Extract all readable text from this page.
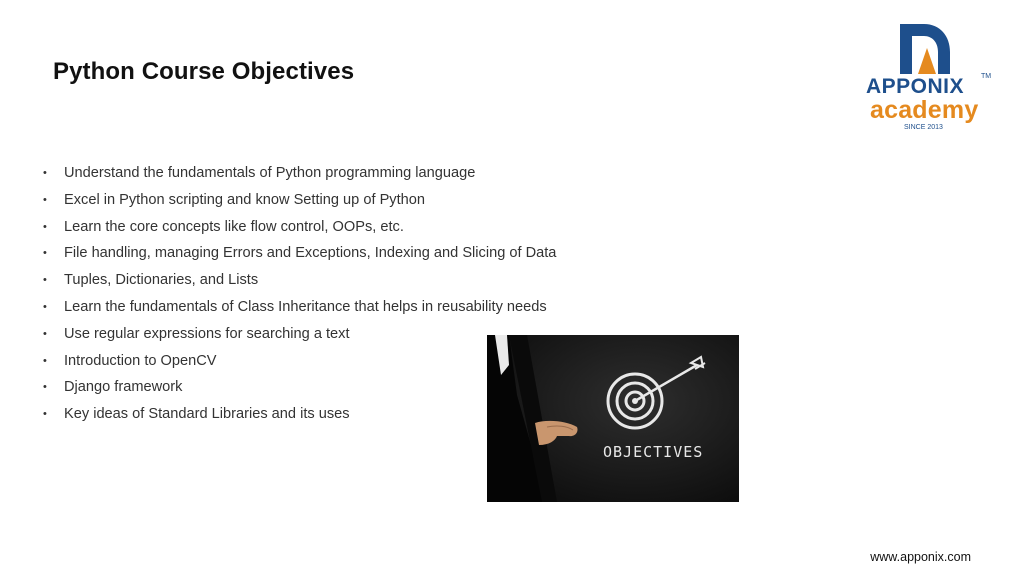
Python Course Objectives
• Understand the fundamentals of Python programming language
• Excel in Python scripting and know Setting up of Python
• Learn the core concepts like flow control, OOPs, etc.
• File handling, managing Errors and Exceptions, Indexing and Slicing of Data
• Tuples, Dictionaries, and Lists
• Learn the fundamentals of Class Inheritance that helps in reusability needs
• Use regular expressions for searching a text
• Introduction to OpenCV
• Django framework
• Key ideas of Standard Libraries and its uses
APPONIX TM
academy
SINCE 2013
OBJECTIVES
www.apponix.com
